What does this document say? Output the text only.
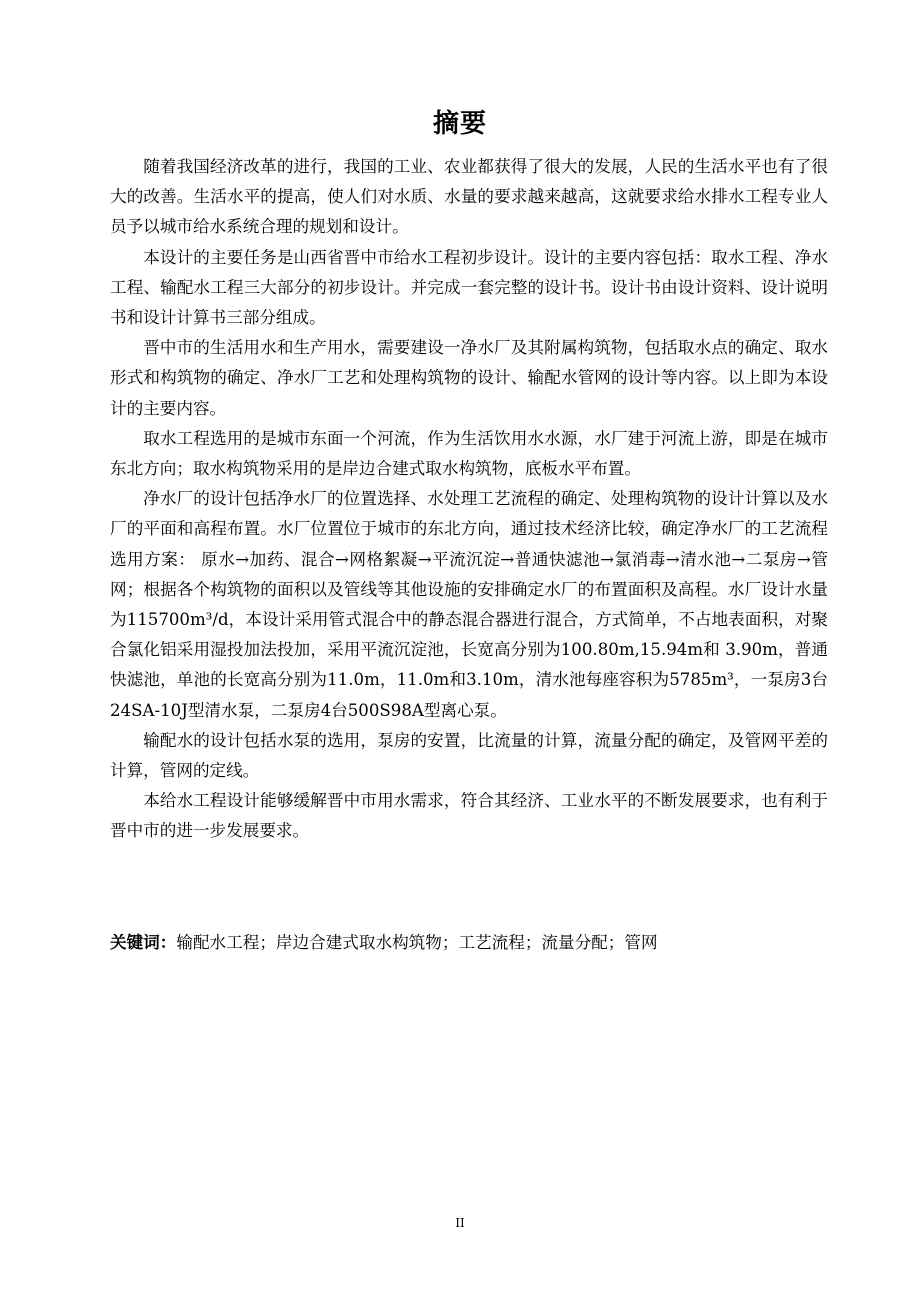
摘要

随着我国经济改革的进行，我国的工业、农业都获得了很大的发展，人民的生活水平也有了很大的改善。生活水平的提高，使人们对水质、水量的要求越来越高，这就要求给水排水工程专业人员予以城市给水系统合理的规划和设计。

本设计的主要任务是山西省晋中市给水工程初步设计。设计的主要内容包括：取水工程、净水工程、输配水工程三大部分的初步设计。并完成一套完整的设计书。设计书由设计资料、设计说明书和设计计算书三部分组成。

晋中市的生活用水和生产用水，需要建设一净水厂及其附属构筑物，包括取水点的确定、取水形式和构筑物的确定、净水厂工艺和处理构筑物的设计、输配水管网的设计等内容。以上即为本设计的主要内容。

取水工程选用的是城市东面一个河流，作为生活饮用水水源，水厂建于河流上游，即是在城市东北方向；取水构筑物采用的是岸边合建式取水构筑物，底板水平布置。

净水厂的设计包括净水厂的位置选择、水处理工艺流程的确定、处理构筑物的设计计算以及水厂的平面和高程布置。水厂位置位于城市的东北方向，通过技术经济比较，确定净水厂的工艺流程选用方案： 原水→加药、混合→网格絮凝→平流沉淀→普通快滤池→氯消毒→清水池→二泵房→管网；根据各个构筑物的面积以及管线等其他设施的安排确定水厂的布置面积及高程。水厂设计水量为115700m³/d，本设计采用管式混合中的静态混合器进行混合，方式简单，不占地表面积，对聚合氯化铝采用湿投加法投加，采用平流沉淀池，长宽高分别为100.80m,15.94m和 3.90m，普通快滤池，单池的长宽高分别为11.0m，11.0m和3.10m，清水池每座容积为5785m³，一泵房3台24SA-10J型清水泵，二泵房4台500S98A型离心泵。

输配水的设计包括水泵的选用，泵房的安置，比流量的计算，流量分配的确定，及管网平差的计算，管网的定线。

本给水工程设计能够缓解晋中市用水需求，符合其经济、工业水平的不断发展要求，也有利于晋中市的进一步发展要求。

关键词：输配水工程；岸边合建式取水构筑物；工艺流程；流量分配；管网
II
